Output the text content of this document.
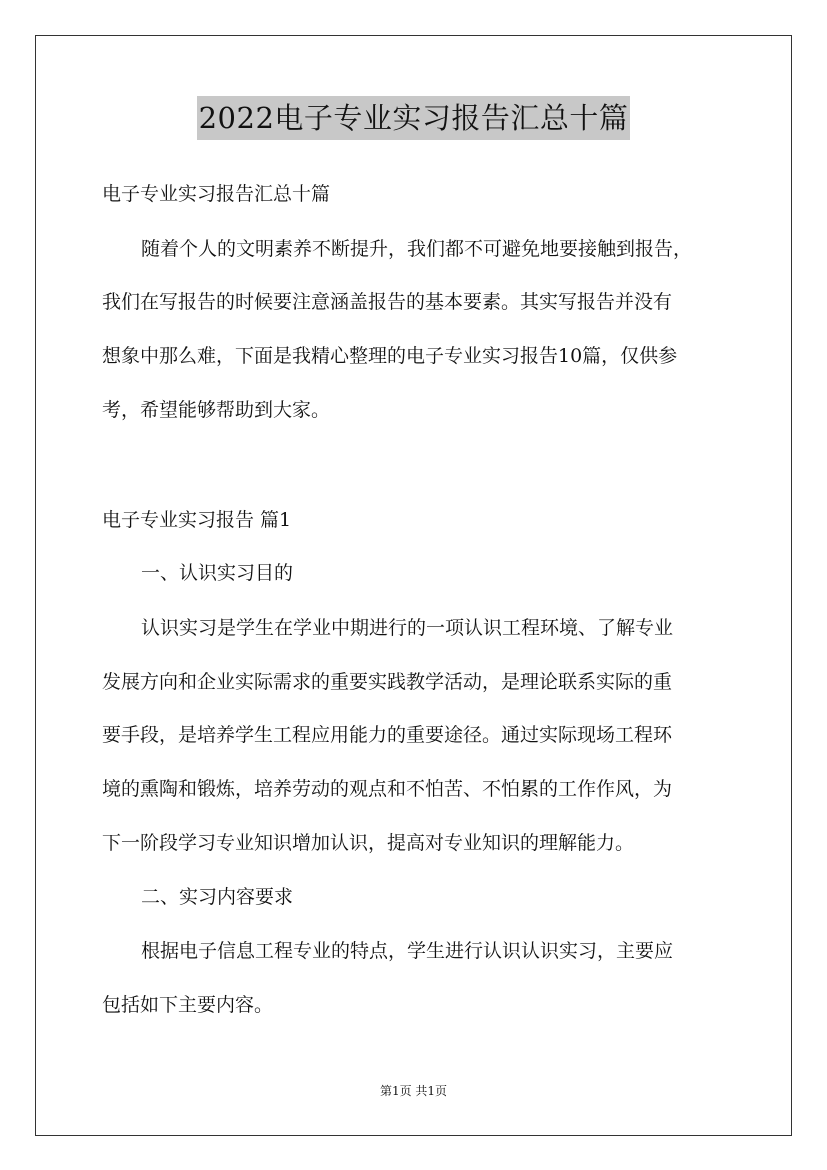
2022电子专业实习报告汇总十篇
电子专业实习报告汇总十篇
随着个人的文明素养不断提升，我们都不可避免地要接触到报告，
我们在写报告的时候要注意涵盖报告的基本要素。其实写报告并没有
想象中那么难，下面是我精心整理的电子专业实习报告10篇，仅供参
考，希望能够帮助到大家。
电子专业实习报告 篇1
一、认识实习目的
认识实习是学生在学业中期进行的一项认识工程环境、了解专业
发展方向和企业实际需求的重要实践教学活动，是理论联系实际的重
要手段，是培养学生工程应用能力的重要途径。通过实际现场工程环
境的熏陶和锻炼，培养劳动的观点和不怕苦、不怕累的工作作风，为
下一阶段学习专业知识增加认识，提高对专业知识的理解能力。
二、实习内容要求
根据电子信息工程专业的特点，学生进行认识认识实习，主要应
包括如下主要内容。
第1页 共1页
